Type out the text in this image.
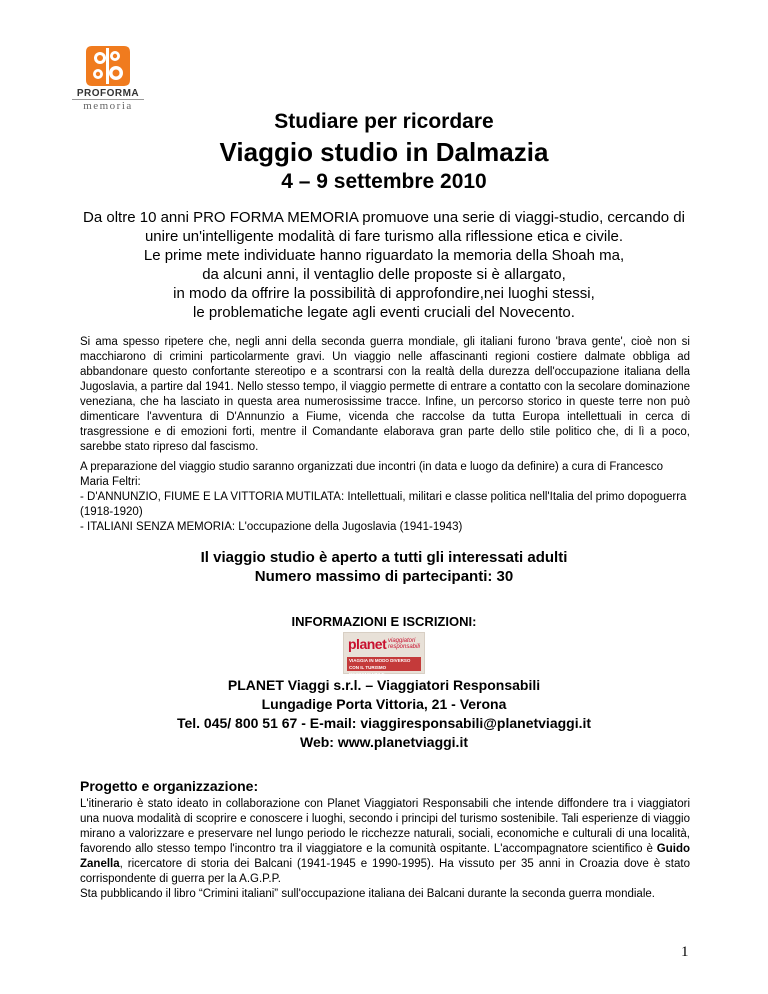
PROFORMA
memoria
Studiare per ricordare
Viaggio studio in Dalmazia
4 – 9 settembre 2010
Da oltre 10 anni PRO FORMA MEMORIA promuove una serie di viaggi-studio, cercando di
unire un'intelligente modalità di fare turismo alla riflessione etica e civile.
Le prime mete individuate hanno riguardato la memoria della Shoah ma,
da alcuni anni, il ventaglio delle proposte si è allargato,
in modo da offrire la possibilità di approfondire,nei luoghi stessi,
le problematiche legate agli eventi cruciali del Novecento.
Si ama spesso ripetere che, negli anni della seconda guerra mondiale, gli italiani furono 'brava gente', cioè non si macchiarono di crimini particolarmente gravi. Un viaggio nelle affascinanti regioni costiere dalmate obbliga ad abbandonare questo confortante stereotipo e a scontrarsi con la realtà della durezza dell'occupazione italiana della Jugoslavia, a partire dal 1941. Nello stesso tempo, il viaggio permette di entrare a contatto con la secolare dominazione veneziana, che ha lasciato in questa area numerosissime tracce. Infine, un percorso storico in queste terre non può dimenticare l'avventura di D'Annunzio a Fiume, vicenda che raccolse da tutta Europa intellettuali in cerca di trasgressione e di emozioni forti, mentre il Comandante elaborava gran parte dello stile politico che, di lì a poco, sarebbe stato ripreso dal fascismo.
A preparazione del viaggio studio saranno organizzati due incontri (in data e luogo da definire) a cura di Francesco Maria Feltri:
- D'ANNUNZIO, FIUME E LA VITTORIA MUTILATA: Intellettuali, militari e classe politica nell'Italia del primo dopoguerra (1918-1920)
- ITALIANI SENZA MEMORIA: L'occupazione della Jugoslavia (1941-1943)
Il viaggio studio è aperto a tutti gli interessati adulti
Numero massimo di partecipanti: 30
INFORMAZIONI E ISCRIZIONI:
planet viaggiatori responsabili
VIAGGIA IN MODO DIVERSO CON IL TURISMO RESPONSABILE
PLANET Viaggi s.r.l. – Viaggiatori Responsabili
Lungadige Porta Vittoria, 21 - Verona
Tel. 045/ 800 51 67 - E-mail: viaggiresponsabili@planetviaggi.it
Web: www.planetviaggi.it
Progetto e organizzazione:
L'itinerario è stato ideato in collaborazione con Planet Viaggiatori Responsabili che intende diffondere tra i viaggiatori una nuova modalità di scoprire e conoscere i luoghi, secondo i principi del turismo sostenibile. Tali esperienze di viaggio mirano a valorizzare e preservare nel lungo periodo le ricchezze naturali, sociali, economiche e culturali di una località, favorendo allo stesso tempo l'incontro tra il viaggiatore e la comunità ospitante. L'accompagnatore scientifico è Guido Zanella, ricercatore di storia dei Balcani (1941-1945 e 1990-1995). Ha vissuto per 35 anni in Croazia dove è stato corrispondente di guerra per la A.G.P.P.
Sta pubblicando il libro “Crimini italiani” sull'occupazione italiana dei Balcani durante la seconda guerra mondiale.
1
